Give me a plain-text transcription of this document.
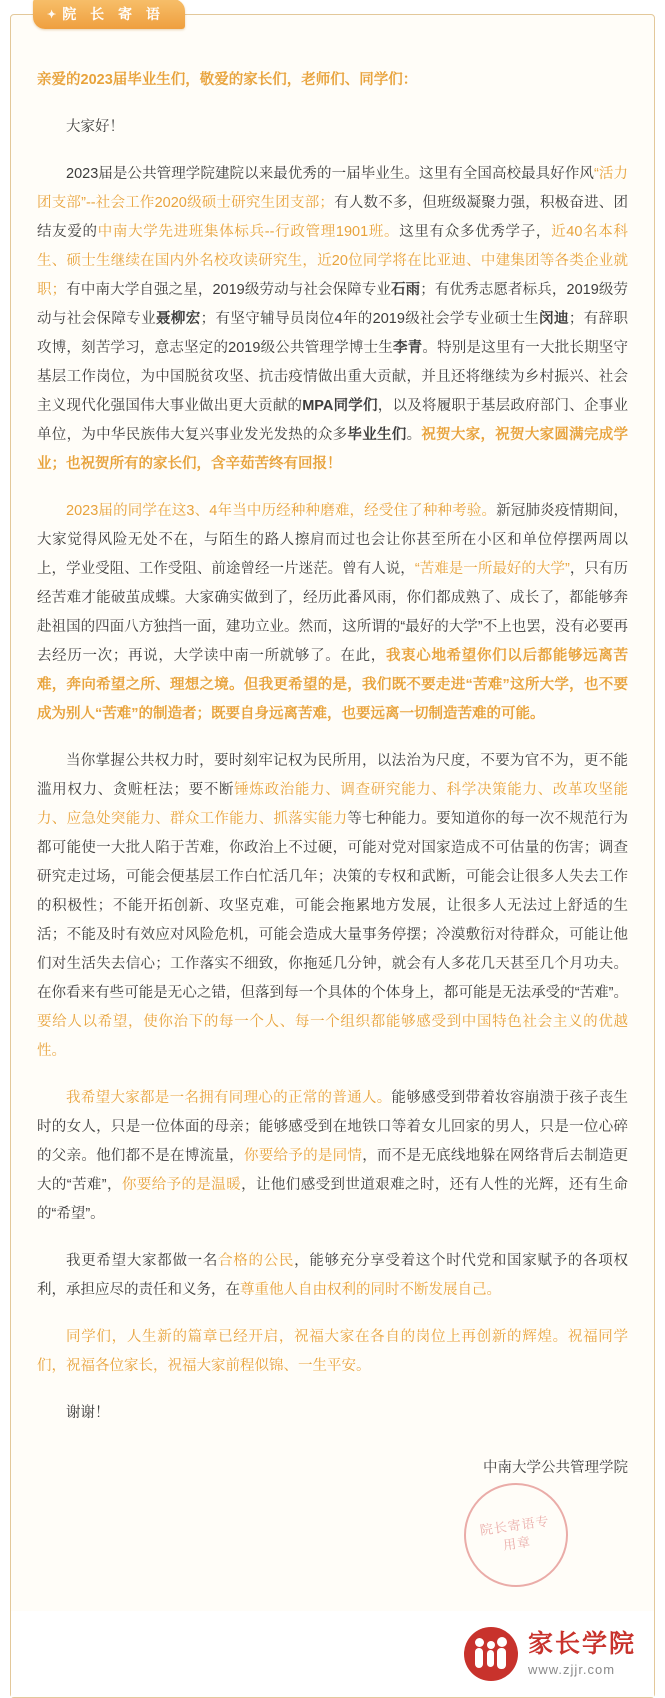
✦ 院 长 寄 语
亲爱的2023届毕业生们，敬爱的家长们，老师们、同学们：

大家好！

2023届是公共管理学院建院以来最优秀的一届毕业生。这里有全国高校最具好作风“活力团支部”--社会工作2020级硕士研究生团支部；有人数不多，但班级凝聚力强，积极奋进、团结友爱的中南大学先进班集体标兵--行政管理1901班。这里有众多优秀学子，近40名本科生、硕士生继续在国内外名校攻读研究生，近20位同学将在比亚迪、中建集团等各类企业就职；有中南大学自强之星，2019级劳动与社会保障专业石雨；有优秀志愿者标兵，2019级劳动与社会保障专业聂柳宏；有坚守辅导员岗位4年的2019级社会学专业硕士生闵迪；有辞职攻博，刻苦学习，意志坚定的2019级公共管理学博士生李青。特别是这里有一大批长期坚守基层工作岗位，为中国脱贫攻坚、抗击疫情做出重大贡献，并且还将继续为乡村振兴、社会主义现代化强国伟大事业做出更大贡献的MPA同学们，以及将履职于基层政府部门、企事业单位，为中华民族伟大复兴事业发光发热的众多毕业生们。祝贺大家，祝贺大家圆满完成学业；也祝贺所有的家长们，含辛茹苦终有回报！

2023届的同学在这3、4年当中历经种种磨难，经受住了种种考验。新冠肺炎疫情期间，大家觉得风险无处不在，与陌生的路人擦肩而过也会让你甚至所在小区和单位停摆两周以上，学业受阻、工作受阻、前途曾经一片迷茫。曾有人说，“苦难是一所最好的大学”，只有历经苦难才能破茧成蝶。大家确实做到了，经历此番风雨，你们都成熟了、成长了，都能够奔赴祖国的四面八方独挡一面，建功立业。然而，这所谓的“最好的大学”不上也罢，没有必要再去经历一次；再说，大学读中南一所就够了。在此，我衷心地希望你们以后都能够远离苦难，奔向希望之所、理想之境。但我更希望的是，我们既不要走进“苦难”这所大学，也不要成为别人“苦难”的制造者；既要自身远离苦难，也要远离一切制造苦难的可能。

当你掌握公共权力时，要时刻牢记权为民所用，以法治为尺度，不要为官不为，更不能滥用权力、贪赃枉法；要不断锤炼政治能力、调查研究能力、科学决策能力、改革攻坚能力、应急处突能力、群众工作能力、抓落实能力等七种能力。要知道你的每一次不规范行为都可能使一大批人陷于苦难，你政治上不过硬，可能对党对国家造成不可估量的伤害；调查研究走过场，可能会便基层工作白忙活几年；决策的专权和武断，可能会让很多人失去工作的积极性；不能开拓创新、攻坚克难，可能会拖累地方发展，让很多人无法过上舒适的生活；不能及时有效应对风险危机，可能会造成大量事务停摆；冷漠敷衍对待群众，可能让他们对生活失去信心；工作落实不细致，你拖延几分钟，就会有人多花几天甚至几个月功夫。在你看来有些可能是无心之错，但落到每一个具体的个体身上，都可能是无法承受的“苦难”。要给人以希望，使你治下的每一个人、每一个组织都能够感受到中国特色社会主义的优越性。

我希望大家都是一名拥有同理心的正常的普通人。能够感受到带着妆容崩溃于孩子丧生时的女人，只是一位体面的母亲；能够感受到在地铁口等着女儿回家的男人，只是一位心碎的父亲。他们都不是在博流量，你要给予的是同情，而不是无底线地躲在网络背后去制造更大的“苦难”，你要给予的是温暖，让他们感受到世道艰难之时，还有人性的光辉，还有生命的“希望”。

我更希望大家都做一名合格的公民，能够充分享受着这个时代党和国家赋予的各项权利，承担应尽的责任和义务，在尊重他人自由权利的同时不断发展自己。

同学们，人生新的篇章已经开启，祝福大家在各自的岗位上再创新的辉煌。祝福同学们，祝福各位家长，祝福大家前程似锦、一生平安。

谢谢！

中南大学公共管理学院
院长寄语专用章
家长学院
www.zjjr.com
